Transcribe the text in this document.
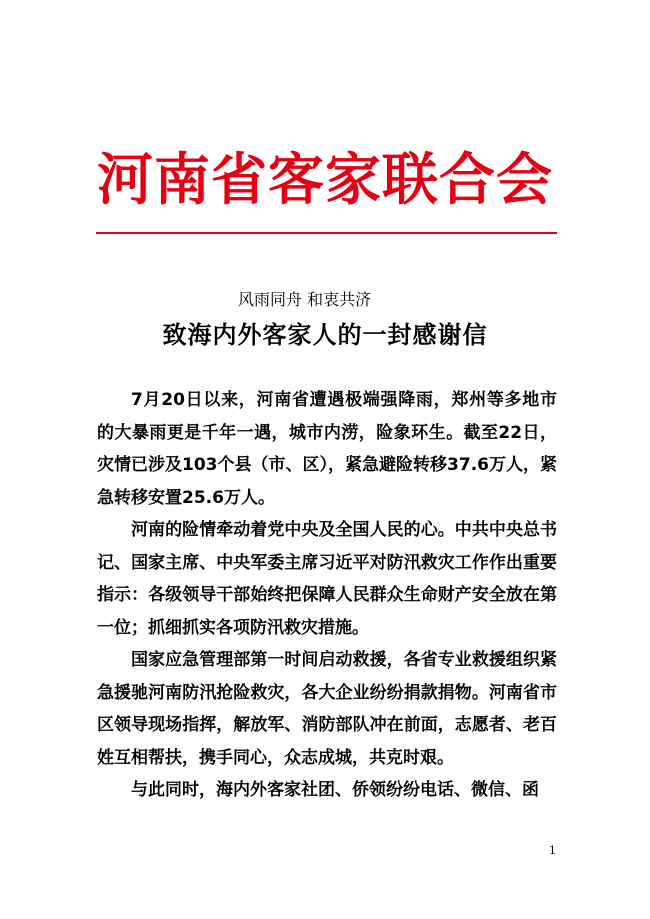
河南省客家联合会
风雨同舟 和衷共济
致海内外客家人的一封感谢信

7月20日以来，河南省遭遇极端强降雨，郑州等多地市的大暴雨更是千年一遇，城市内涝，险象环生。截至22日，灾情已涉及103个县（市、区），紧急避险转移37.6万人，紧急转移安置25.6万人。

河南的险情牵动着党中央及全国人民的心。中共中央总书记、国家主席、中央军委主席习近平对防汛救灾工作作出重要指示：各级领导干部始终把保障人民群众生命财产安全放在第一位；抓细抓实各项防汛救灾措施。

国家应急管理部第一时间启动救援，各省专业救援组织紧急援驰河南防汛抢险救灾，各大企业纷纷捐款捐物。河南省市区领导现场指挥，解放军、消防部队冲在前面，志愿者、老百姓互相帮扶，携手同心，众志成城，共克时艰。

与此同时，海内外客家社团、侨领纷纷电话、微信、函

1
